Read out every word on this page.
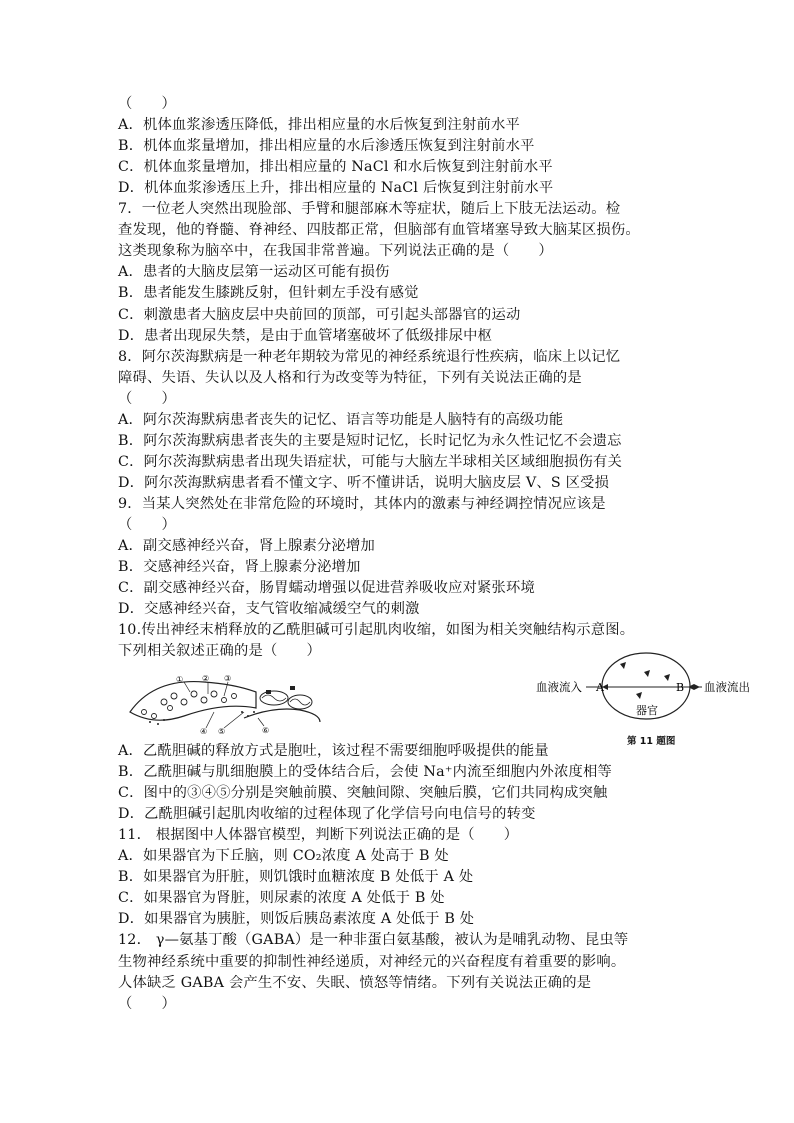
（　　）
A．机体血浆渗透压降低，排出相应量的水后恢复到注射前水平
B．机体血浆量增加，排出相应量的水后渗透压恢复到注射前水平
C．机体血浆量增加，排出相应量的 NaCl 和水后恢复到注射前水平
D．机体血浆渗透压上升，排出相应量的 NaCl 后恢复到注射前水平
7．一位老人突然出现脸部、手臂和腿部麻木等症状，随后上下肢无法运动。检
查发现，他的脊髓、脊神经、四肢都正常，但脑部有血管堵塞导致大脑某区损伤。
这类现象称为脑卒中，在我国非常普遍。下列说法正确的是（　　）
A．患者的大脑皮层第一运动区可能有损伤
B．患者能发生膝跳反射，但针刺左手没有感觉
C．刺激患者大脑皮层中央前回的顶部，可引起头部器官的运动
D．患者出现尿失禁，是由于血管堵塞破坏了低级排尿中枢
8．阿尔茨海默病是一种老年期较为常见的神经系统退行性疾病，临床上以记忆
障碍、失语、失认以及人格和行为改变等为特征，下列有关说法正确的是
（　　）
A．阿尔茨海默病患者丧失的记忆、语言等功能是人脑特有的高级功能
B．阿尔茨海默病患者丧失的主要是短时记忆，长时记忆为永久性记忆不会遗忘
C．阿尔茨海默病患者出现失语症状，可能与大脑左半球相关区域细胞损伤有关
D．阿尔茨海默病患者看不懂文字、听不懂讲话，说明大脑皮层 V、S 区受损
9．当某人突然处在非常危险的环境时，其体内的激素与神经调控情况应该是
（　　）
A．副交感神经兴奋，肾上腺素分泌增加
B．交感神经兴奋，肾上腺素分泌增加
C．副交感神经兴奋，肠胃蠕动增强以促进营养吸收应对紧张环境
D．交感神经兴奋，支气管收缩减缓空气的刺激
10.传出神经末梢释放的乙酰胆碱可引起肌肉收缩，如图为相关突触结构示意图。
下列相关叙述正确的是（　　）
① ② ③
④ ⑤	⑥
血液流入 A	B 血液流出
器官
第 11 题图
A．乙酰胆碱的释放方式是胞吐，该过程不需要细胞呼吸提供的能量
B．乙酰胆碱与肌细胞膜上的受体结合后，会使 Na⁺内流至细胞内外浓度相等
C．图中的③④⑤分别是突触前膜、突触间隙、突触后膜，它们共同构成突触
D．乙酰胆碱引起肌肉收缩的过程体现了化学信号向电信号的转变
11． 根据图中人体器官模型，判断下列说法正确的是（　　）
A．如果器官为下丘脑，则 CO₂浓度 A 处高于 B 处
B．如果器官为肝脏，则饥饿时血糖浓度 B 处低于 A 处
C．如果器官为肾脏，则尿素的浓度 A 处低于 B 处
D．如果器官为胰脏，则饭后胰岛素浓度 A 处低于 B 处
12． γ—氨基丁酸（GABA）是一种非蛋白氨基酸，被认为是哺乳动物、昆虫等
生物神经系统中重要的抑制性神经递质，对神经元的兴奋程度有着重要的影响。
人体缺乏 GABA 会产生不安、失眠、愤怒等情绪。下列有关说法正确的是
（　　）
